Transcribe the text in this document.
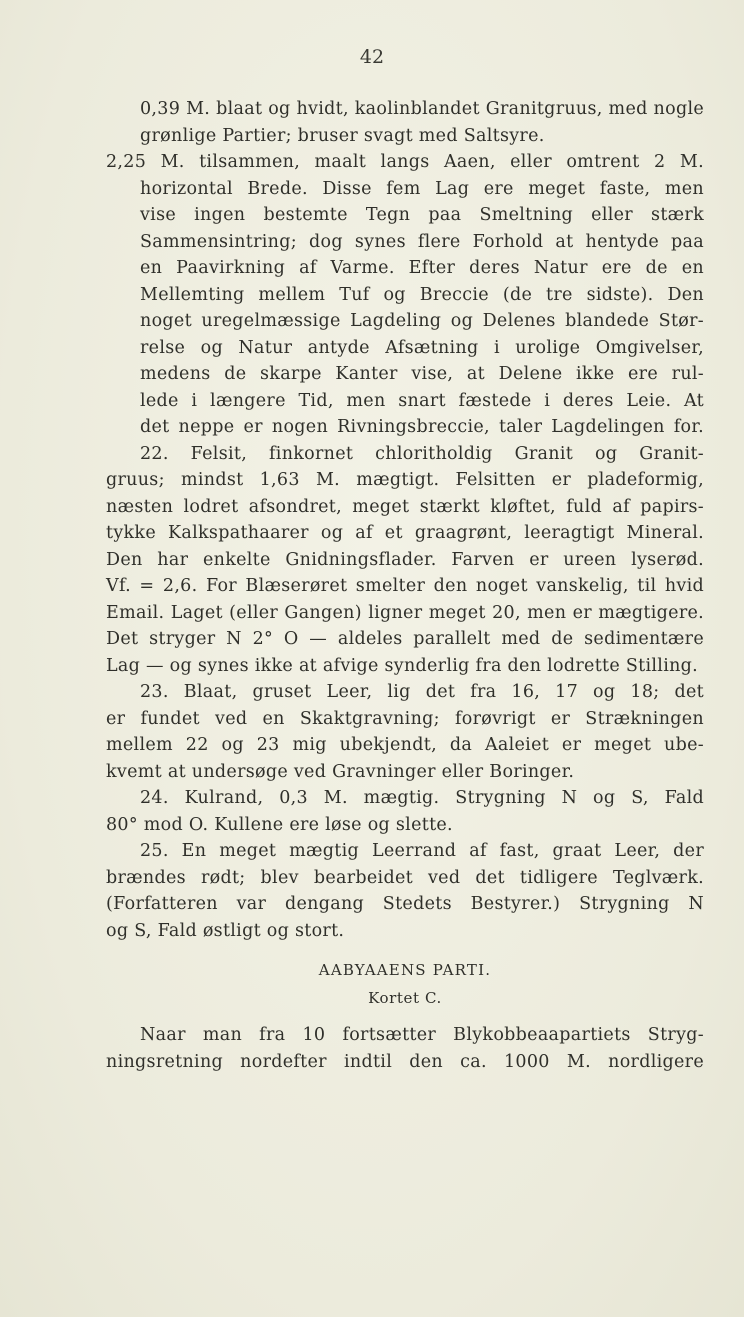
42
0,39 M. blaat og hvidt, kaolinblandet Granitgruus, med nogle
grønlige Partier; bruser svagt med Saltsyre.
2,25 M. tilsammen, maalt langs Aaen, eller omtrent 2 M.
horizontal Brede. Disse fem Lag ere meget faste, men
vise ingen bestemte Tegn paa Smeltning eller stærk
Sammensintring; dog synes flere Forhold at hentyde paa
en Paavirkning af Varme. Efter deres Natur ere de en
Mellemting mellem Tuf og Breccie (de tre sidste). Den
noget uregelmæssige Lagdeling og Delenes blandede Stør-
relse og Natur antyde Afsætning i urolige Omgivelser,
medens de skarpe Kanter vise, at Delene ikke ere rul-
lede i længere Tid, men snart fæstede i deres Leie. At
det neppe er nogen Rivningsbreccie, taler Lagdelingen for.
22. Felsit, finkornet chloritholdig Granit og Granit-
gruus; mindst 1,63 M. mægtigt. Felsitten er pladeformig,
næsten lodret afsondret, meget stærkt kløftet, fuld af papirs-
tykke Kalkspathaarer og af et graagrønt, leeragtigt Mineral.
Den har enkelte Gnidningsflader. Farven er ureen lyserød.
Vf. = 2,6. For Blæserøret smelter den noget vanskelig, til hvid
Email. Laget (eller Gangen) ligner meget 20, men er mægtigere.
Det stryger N 2° O — aldeles parallelt med de sedimentære
Lag — og synes ikke at afvige synderlig fra den lodrette Stilling.
23. Blaat, gruset Leer, lig det fra 16, 17 og 18; det
er fundet ved en Skaktgravning; forøvrigt er Strækningen
mellem 22 og 23 mig ubekjendt, da Aaleiet er meget ube-
kvemt at undersøge ved Gravninger eller Boringer.
24. Kulrand, 0,3 M. mægtig. Strygning N og S, Fald
80° mod O. Kullene ere løse og slette.
25. En meget mægtig Leerrand af fast, graat Leer, der
brændes rødt; blev bearbeidet ved det tidligere Teglværk.
(Forfatteren var dengang Stedets Bestyrer.) Strygning N
og S, Fald østligt og stort.
AABYAAENS PARTI.
Kortet C.
Naar man fra 10 fortsætter Blykobbeaapartiets Stryg-
ningsretning nordefter indtil den ca. 1000 M. nordligere
